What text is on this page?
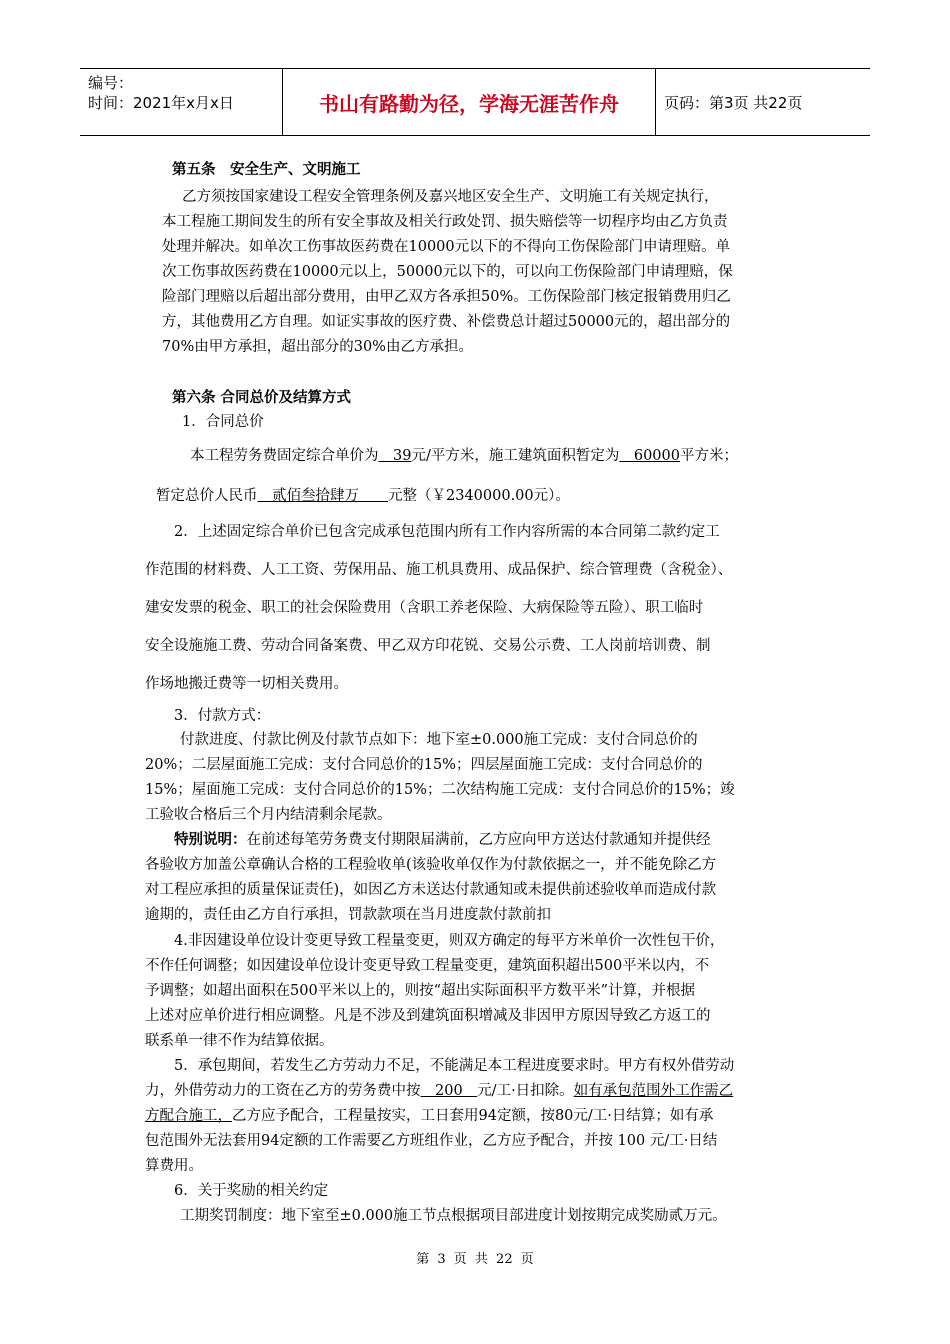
编号：
时间：2021年x月x日	书山有路勤为径，学海无涯苦作舟	页码：第3页 共22页
第五条　安全生产、文明施工
乙方须按国家建设工程安全管理条例及嘉兴地区安全生产、文明施工有关规定执行，
本工程施工期间发生的所有安全事故及相关行政处罚、损失赔偿等一切程序均由乙方负责
处理并解决。如单次工伤事故医药费在10000元以下的不得向工伤保险部门申请理赔。单
次工伤事故医药费在10000元以上，50000元以下的，可以向工伤保险部门申请理赔，保
险部门理赔以后超出部分费用，由甲乙双方各承担50%。工伤保险部门核定报销费用归乙
方，其他费用乙方自理。如证实事故的医疗费、补偿费总计超过50000元的，超出部分的
70%由甲方承担，超出部分的30%由乙方承担。
第六条 合同总价及结算方式
1．合同总价
本工程劳务费固定综合单价为　39元/平方米，施工建筑面积暂定为　60000平方米；
暂定总价人民币　贰佰叁拾肆万　　元整（￥2340000.00元）。
2．上述固定综合单价已包含完成承包范围内所有工作内容所需的本合同第二款约定工
作范围的材料费、人工工资、劳保用品、施工机具费用、成品保护、综合管理费（含税金）、
建安发票的税金、职工的社会保险费用（含职工养老保险、大病保险等五险）、职工临时
安全设施施工费、劳动合同备案费、甲乙双方印花锐、交易公示费、工人岗前培训费、制
作场地搬迁费等一切相关费用。
3．付款方式：
付款进度、付款比例及付款节点如下：地下室±0.000施工完成：支付合同总价的
20%；二层屋面施工完成：支付合同总价的15%；四层屋面施工完成：支付合同总价的
15%；屋面施工完成：支付合同总价的15%；二次结构施工完成：支付合同总价的15%；竣
工验收合格后三个月内结清剩余尾款。
特别说明：在前述每笔劳务费支付期限届满前，乙方应向甲方送达付款通知并提供经
各验收方加盖公章确认合格的工程验收单(该验收单仅作为付款依据之一，并不能免除乙方
对工程应承担的质量保证责任)，如因乙方未送达付款通知或未提供前述验收单而造成付款
逾期的，责任由乙方自行承担，罚款款项在当月进度款付款前扣
4.非因建设单位设计变更导致工程量变更，则双方确定的每平方米单价一次性包干价，
不作任何调整；如因建设单位设计变更导致工程量变更，建筑面积超出500平米以内，不
予调整；如超出面积在500平米以上的，则按“超出实际面积平方数平米”计算，并根据
上述对应单价进行相应调整。凡是不涉及到建筑面积增减及非因甲方原因导致乙方返工的
联系单一律不作为结算依据。
5．承包期间，若发生乙方劳动力不足，不能满足本工程进度要求时。甲方有权外借劳动
力，外借劳动力的工资在乙方的劳务费中按　200　元/工·日扣除。如有承包范围外工作需乙
方配合施工，乙方应予配合，工程量按实，工日套用94定额，按80元/工·日结算；如有承
包范围外无法套用94定额的工作需要乙方班组作业，乙方应予配合，并按 100 元/工·日结
算费用。
6．关于奖励的相关约定
工期奖罚制度：地下室至±0.000施工节点根据项目部进度计划按期完成奖励贰万元。
第 3 页 共 22 页
